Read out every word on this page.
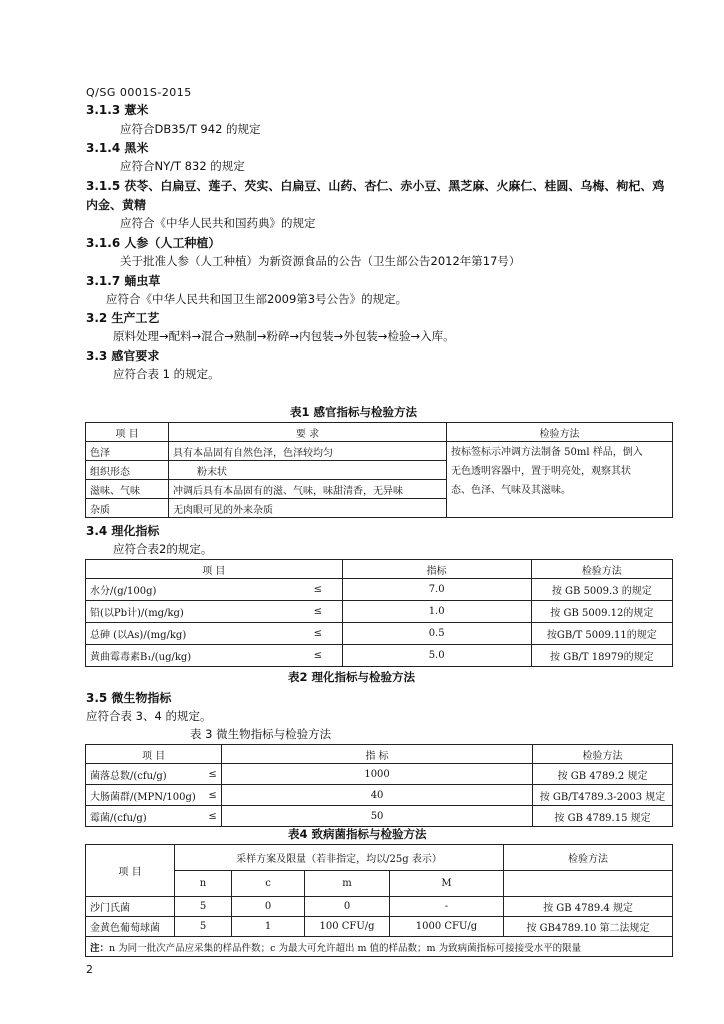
Q/SG 0001S-2015
3.1.3 薏米
应符合DB35/T 942 的规定
3.1.4 黑米
应符合NY/T 832 的规定
3.1.5 茯苓、白扁豆、莲子、芡实、白扁豆、山药、杏仁、赤小豆、黑芝麻、火麻仁、桂圆、乌梅、枸杞、鸡
内金、黄精
应符合《中华人民共和国药典》的规定
3.1.6 人参（人工种植）
关于批准人参（人工种植）为新资源食品的公告（卫生部公告2012年第17号）
3.1.7 蛹虫草
应符合《中华人民共和国卫生部2009第3号公告》的规定。
3.2 生产工艺
原料处理→配料→混合→熟制→粉碎→内包装→外包装→检验→入库。
3.3 感官要求
应符合表 1 的规定。
表1 感官指标与检验方法
项 目	要 求	检验方法
色泽	具有本品固有自然色泽，色泽较均匀	按标签标示冲调方法制备 50ml 样品，倒入
无色透明容器中，置于明亮处，观察其状
态、色泽、气味及其滋味。

组织形态	粉末状	
滋味、气味	冲调后具有本品固有的滋、气味，味甜清香，无异味	
杂质	无肉眼可见的外来杂质	
3.4 理化指标
应符合表2的规定。
项 目		指标	检验方法
水分/(g/100g)	≤	7.0	按 GB 5009.3 的规定
铅(以Pb计)/(mg/kg)	≤	1.0	按 GB 5009.12的规定
总砷 (以As)/(mg/kg)	≤	0.5	按GB/T 5009.11的规定
黄曲霉毒素B₁/(ug/kg)	≤	5.0	按 GB/T 18979的规定
表2 理化指标与检验方法
3.5 微生物指标
应符合表 3、4 的规定。
表 3 微生物指标与检验方法
项 目		指 标	检验方法
菌落总数/(cfu/g)	≤	1000	按 GB 4789.2 规定
大肠菌群/(MPN/100g)	≤	40	按 GB/T4789.3-2003 规定
霉菌/(cfu/g)	≤	50	按 GB 4789.15 规定
表4 致病菌指标与检验方法
项 目	采样方案及限量（若非指定，均以/25g 表示）				检验方法
	n	c	m	M	
沙门氏菌	5	0	0	-	按 GB 4789.4 规定
金黄色葡萄球菌	5	1	100 CFU/g	1000 CFU/g	按 GB4789.10 第二法规定
注：n 为同一批次产品应采集的样品件数；c 为最大可允许超出 m 值的样品数；m 为致病菌指标可接接受水平的限量					
2
